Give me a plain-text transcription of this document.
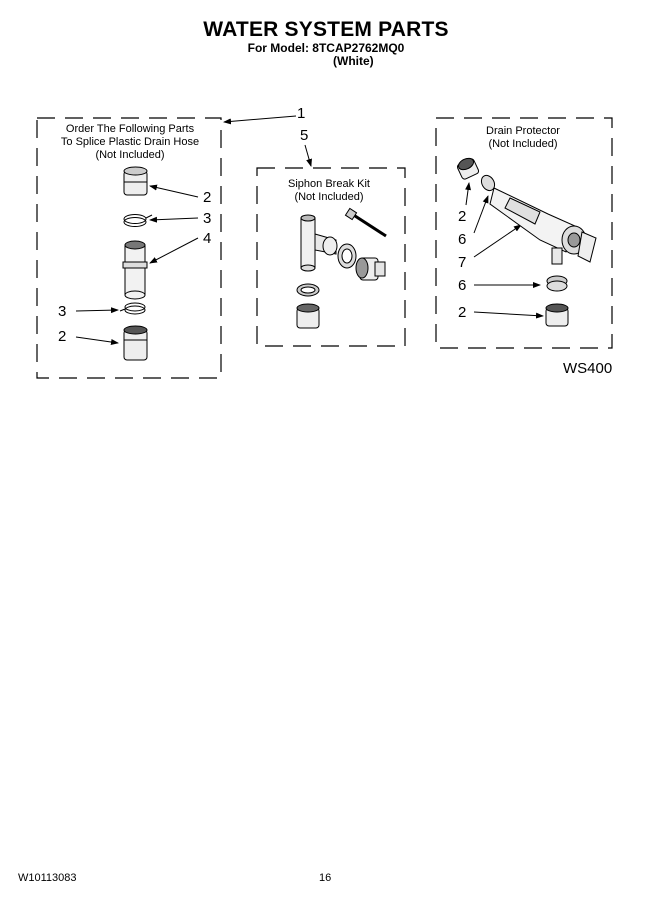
WATER SYSTEM PARTS
For Model: 8TCAP2762MQ0
(White)
Order The Following Parts
To Splice Plastic Drain Hose
(Not Included)
Siphon Break Kit
(Not Included)
Drain Protector
(Not Included)
1
5
2
3
4
3
2
2
6
7
6
2
WS400
W10113083	16
